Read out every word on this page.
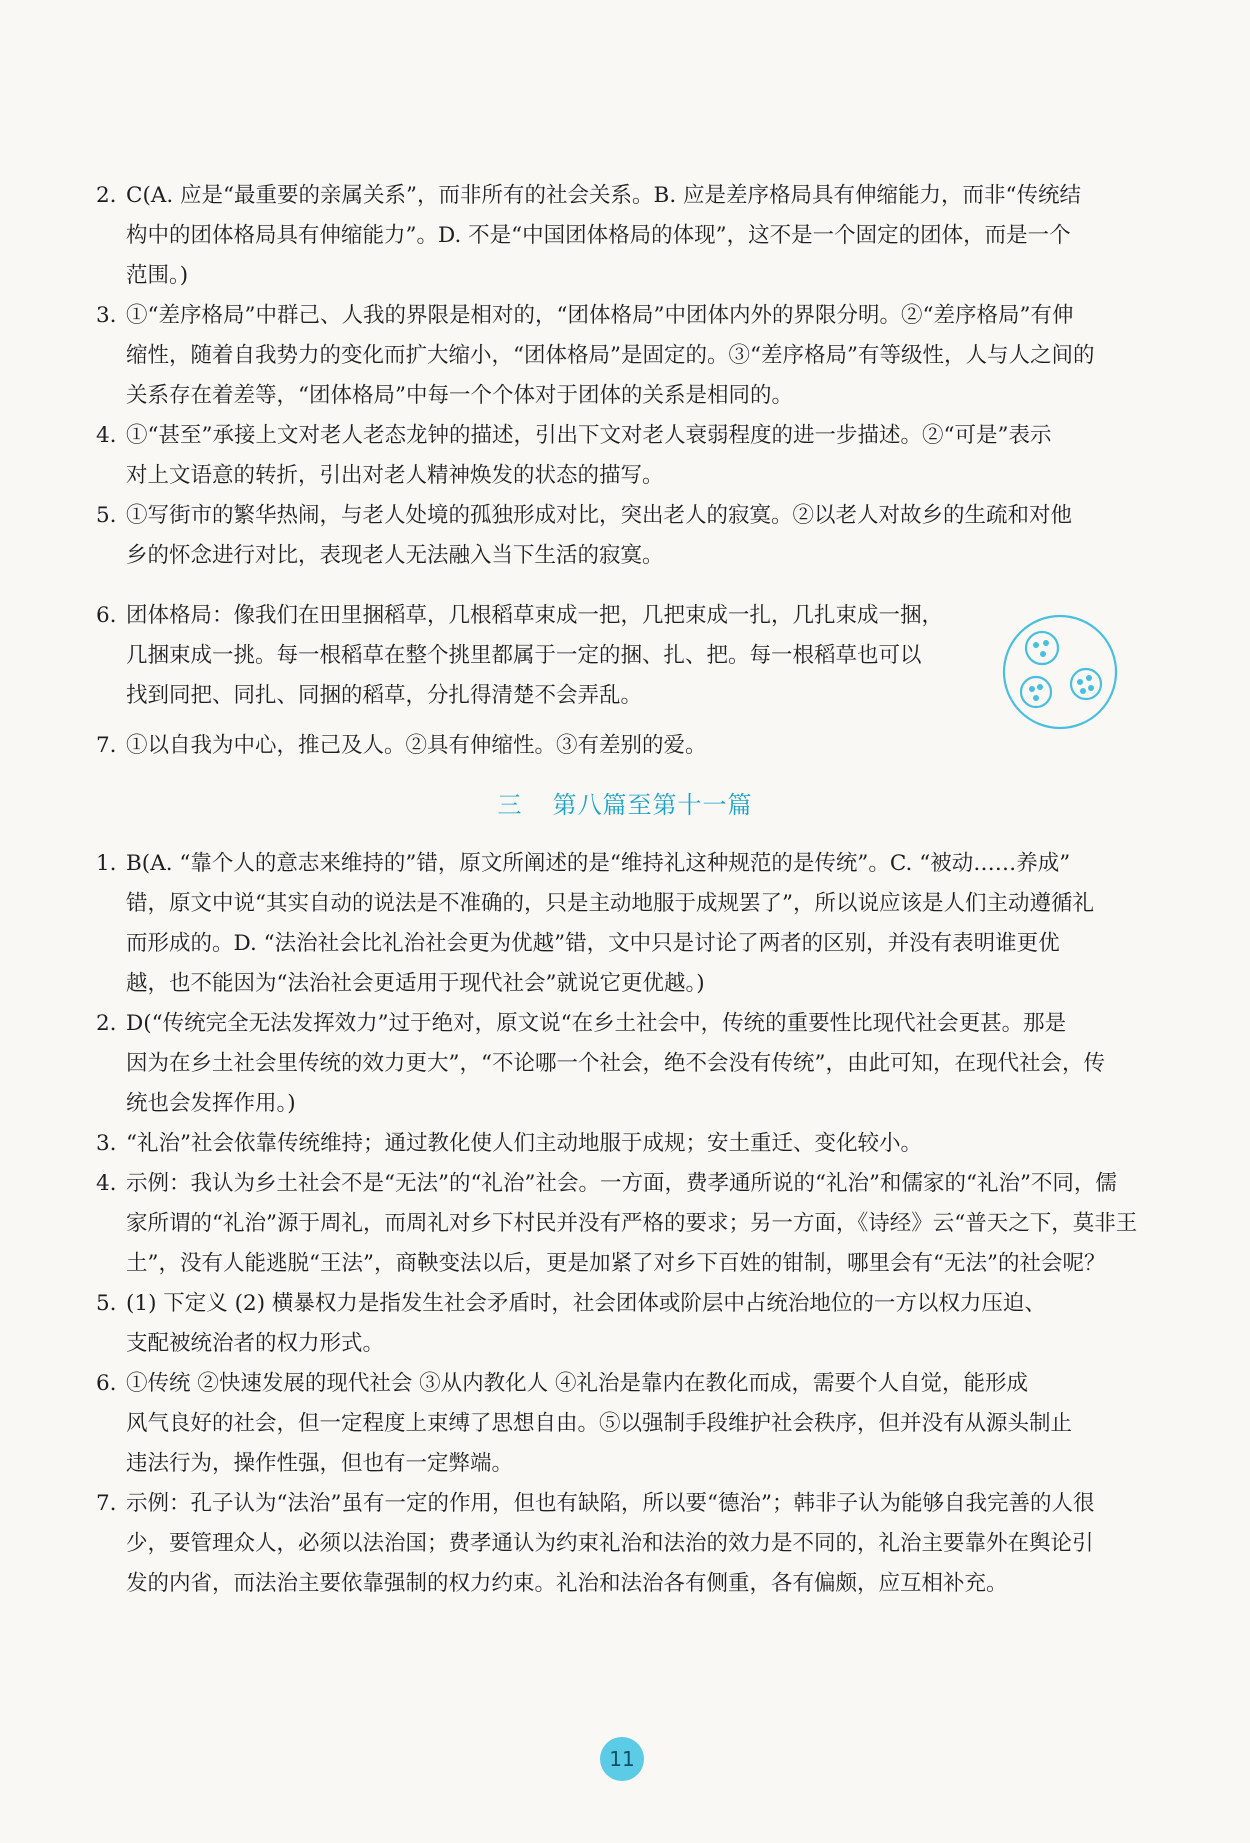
2. C(A. 应是“最重要的亲属关系”，而非所有的社会关系。B. 应是差序格局具有伸缩能力，而非“传统结
构中的团体格局具有伸缩能力”。D. 不是“中国团体格局的体现”，这不是一个固定的团体，而是一个
范围。)
3. ①“差序格局”中群己、人我的界限是相对的，“团体格局”中团体内外的界限分明。②“差序格局”有伸
缩性，随着自我势力的变化而扩大缩小，“团体格局”是固定的。③“差序格局”有等级性，人与人之间的
关系存在着差等，“团体格局”中每一个个体对于团体的关系是相同的。
4. ①“甚至”承接上文对老人老态龙钟的描述，引出下文对老人衰弱程度的进一步描述。②“可是”表示
对上文语意的转折，引出对老人精神焕发的状态的描写。
5. ①写街市的繁华热闹，与老人处境的孤独形成对比，突出老人的寂寞。②以老人对故乡的生疏和对他
乡的怀念进行对比，表现老人无法融入当下生活的寂寞。
6. 团体格局：像我们在田里捆稻草，几根稻草束成一把，几把束成一扎，几扎束成一捆，
几捆束成一挑。每一根稻草在整个挑里都属于一定的捆、扎、把。每一根稻草也可以
找到同把、同扎、同捆的稻草，分扎得清楚不会弄乱。
7. ①以自我为中心，推己及人。②具有伸缩性。③有差别的爱。
三 第八篇至第十一篇
1. B(A. “靠个人的意志来维持的”错，原文所阐述的是“维持礼这种规范的是传统”。C. “被动……养成”
错，原文中说“其实自动的说法是不准确的，只是主动地服于成规罢了”，所以说应该是人们主动遵循礼
而形成的。D. “法治社会比礼治社会更为优越”错，文中只是讨论了两者的区别，并没有表明谁更优
越，也不能因为“法治社会更适用于现代社会”就说它更优越。)
2. D(“传统完全无法发挥效力”过于绝对，原文说“在乡土社会中，传统的重要性比现代社会更甚。那是
因为在乡土社会里传统的效力更大”，“不论哪一个社会，绝不会没有传统”，由此可知，在现代社会，传
统也会发挥作用。)
3. “礼治”社会依靠传统维持；通过教化使人们主动地服于成规；安土重迁、变化较小。
4. 示例：我认为乡土社会不是“无法”的“礼治”社会。一方面，费孝通所说的“礼治”和儒家的“礼治”不同，儒
家所谓的“礼治”源于周礼，而周礼对乡下村民并没有严格的要求；另一方面，《诗经》云“普天之下，莫非王
土”，没有人能逃脱“王法”，商鞅变法以后，更是加紧了对乡下百姓的钳制，哪里会有“无法”的社会呢？
5. (1) 下定义 (2) 横暴权力是指发生社会矛盾时，社会团体或阶层中占统治地位的一方以权力压迫、
支配被统治者的权力形式。
6. ①传统 ②快速发展的现代社会 ③从内教化人 ④礼治是靠内在教化而成，需要个人自觉，能形成
风气良好的社会，但一定程度上束缚了思想自由。⑤以强制手段维护社会秩序，但并没有从源头制止
违法行为，操作性强，但也有一定弊端。
7. 示例：孔子认为“法治”虽有一定的作用，但也有缺陷，所以要“德治”；韩非子认为能够自我完善的人很
少，要管理众人，必须以法治国；费孝通认为约束礼治和法治的效力是不同的，礼治主要靠外在舆论引
发的内省，而法治主要依靠强制的权力约束。礼治和法治各有侧重，各有偏颇，应互相补充。
11
